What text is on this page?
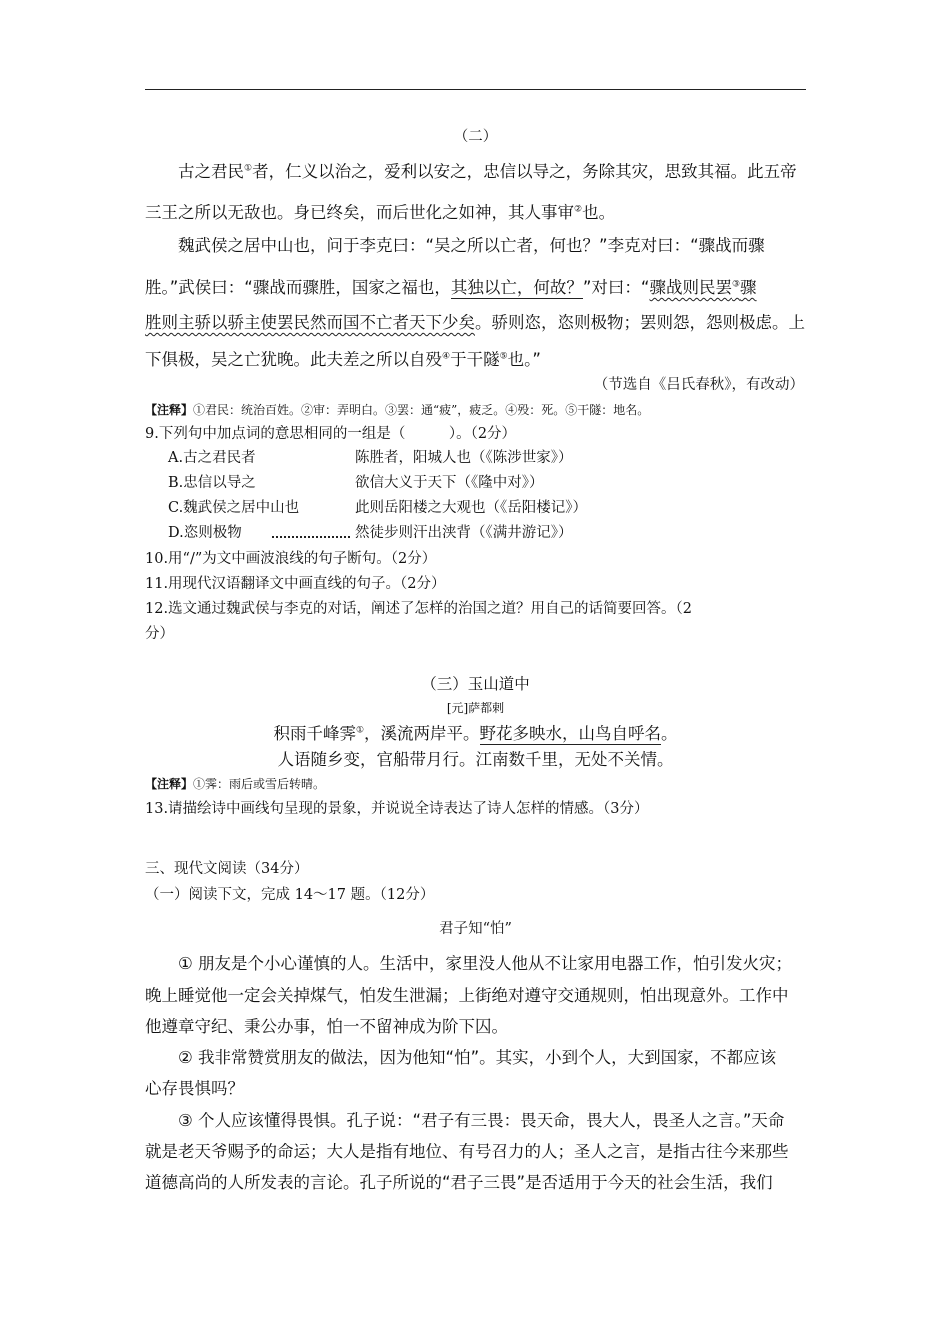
（二）
古之君民①者，仁义以治之，爱利以安之，忠信以导之，务除其灾，思致其福。此五帝
三王之所以无敌也。身已终矣，而后世化之如神，其人事审②也。
魏武侯之居中山也，问于李克曰：“吴之所以亡者，何也？”李克对曰：“骤战而骤
胜。”武侯曰：“骤战而骤胜，国家之福也，其独以亡，何故？”对曰：“骤战则民罢③骤
胜则主骄以骄主使罢民然而国不亡者天下少矣。骄则恣，恣则极物；罢则怨，怨则极虑。上
下俱极，吴之亡犹晚。此夫差之所以自殁④于干隧⑤也。”
（节选自《吕氏春秋》，有改动）
【注释】①君民：统治百姓。②审：弄明白。③罢：通“疲”，疲乏。④殁：死。⑤干隧：地名。
9.下列句中加点词的意思相同的一组是（　　　）。（2分）
A.古之君民者	陈胜者，阳城人也（《陈涉世家》）
B.忠信以导之	欲信大义于天下（《隆中对》）
C.魏武侯之居中山也	此则岳阳楼之大观也（《岳阳楼记》）
D.恣则极物	然徒步则汗出浃背（《满井游记》）
10.用“/”为文中画波浪线的句子断句。（2分）
11.用现代汉语翻译文中画直线的句子。（2分）
12.选文通过魏武侯与李克的对话，阐述了怎样的治国之道？用自己的话简要回答。（2
分）
（三）玉山道中
[元]萨都剌
积雨千峰霁①，溪流两岸平。野花多映水，山鸟自呼名。
人语随乡变，官船带月行。江南数千里，无处不关情。
【注释】①霁：雨后或雪后转晴。
13.请描绘诗中画线句呈现的景象，并说说全诗表达了诗人怎样的情感。（3分）
三、现代文阅读（34分）
（一）阅读下文，完成 14～17 题。（12分）
君子知“怕”
① 朋友是个小心谨慎的人。生活中，家里没人他从不让家用电器工作，怕引发火灾；
晚上睡觉他一定会关掉煤气，怕发生泄漏；上街绝对遵守交通规则，怕出现意外。工作中
他遵章守纪、秉公办事，怕一不留神成为阶下囚。
② 我非常赞赏朋友的做法，因为他知“怕”。其实，小到个人，大到国家，不都应该
心存畏惧吗？
③ 个人应该懂得畏惧。孔子说：“君子有三畏：畏天命，畏大人，畏圣人之言。”天命
就是老天爷赐予的命运；大人是指有地位、有号召力的人；圣人之言，是指古往今来那些
道德高尚的人所发表的言论。孔子所说的“君子三畏”是否适用于今天的社会生活，我们
